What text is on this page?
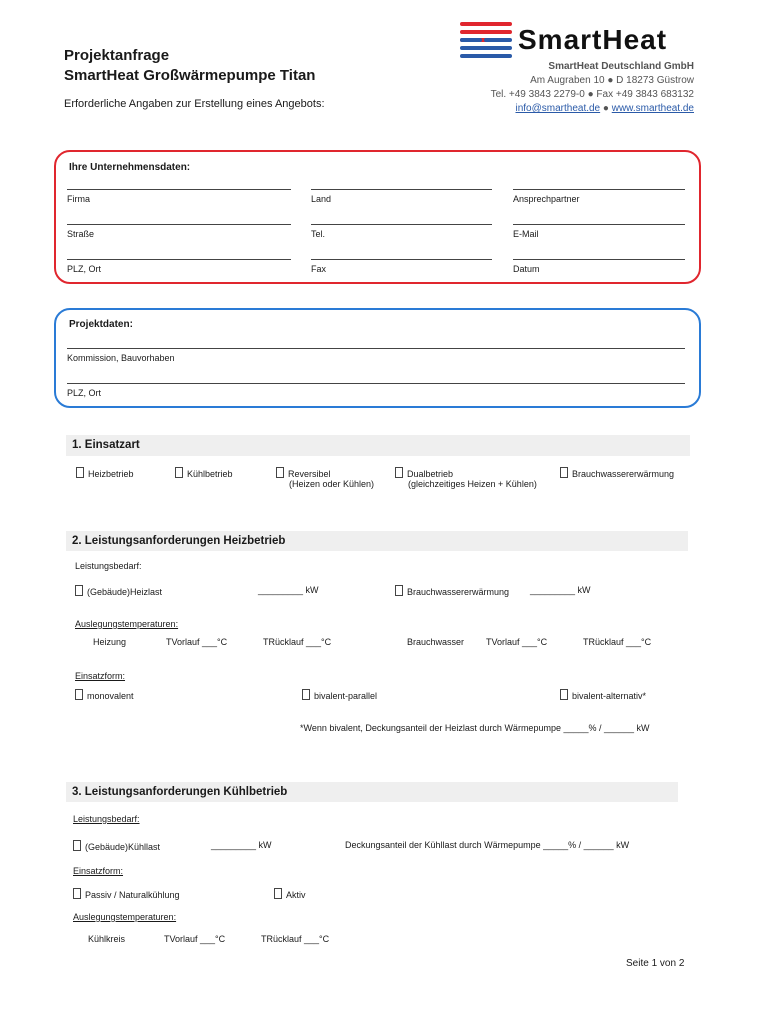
Projektanfrage
SmartHeat Großwärmepumpe Titan
Erforderliche Angaben zur Erstellung eines Angebots:
SmartHeat
SmartHeat Deutschland GmbH
Am Augraben 10 ● D 18273 Güstrow
Tel. +49 3843 2279-0 ● Fax +49 3843 683132
info@smartheat.de ● www.smartheat.de
Ihre Unternehmensdaten:
Firma	Land	Ansprechpartner
Straße	Tel.	E-Mail
PLZ, Ort	Fax	Datum
Projektdaten:
Kommission, Bauvorhaben
PLZ, Ort
1. Einsatzart
Heizbetrieb	Kühlbetrieb	Reversibel
(Heizen oder Kühlen)
Dualbetrieb
(gleichzeitiges Heizen + Kühlen)
Brauchwassererwärmung
2. Leistungsanforderungen Heizbetrieb
Leistungsbedarf:
(Gebäude)Heizlast	_________ kW	Brauchwassererwärmung _________ kW
Auslegungstemperaturen:
Heizung	TVorlauf ___°C	TRücklauf ___°C	Brauchwasser TVorlauf ___°C	TRücklauf ___°C
Einsatzform:
monovalent	bivalent-parallel	bivalent-alternativ*
*Wenn bivalent, Deckungsanteil der Heizlast durch Wärmepumpe _____% / ______ kW
3. Leistungsanforderungen Kühlbetrieb
Leistungsbedarf:
(Gebäude)Kühllast	_________ kW	Deckungsanteil der Kühllast durch Wärmepumpe _____% / ______ kW
Einsatzform:
Passiv / Naturalkühlung	Aktiv
Auslegungstemperaturen:
Kühlkreis	TVorlauf ___°C	TRücklauf ___°C
Seite 1 von 2
